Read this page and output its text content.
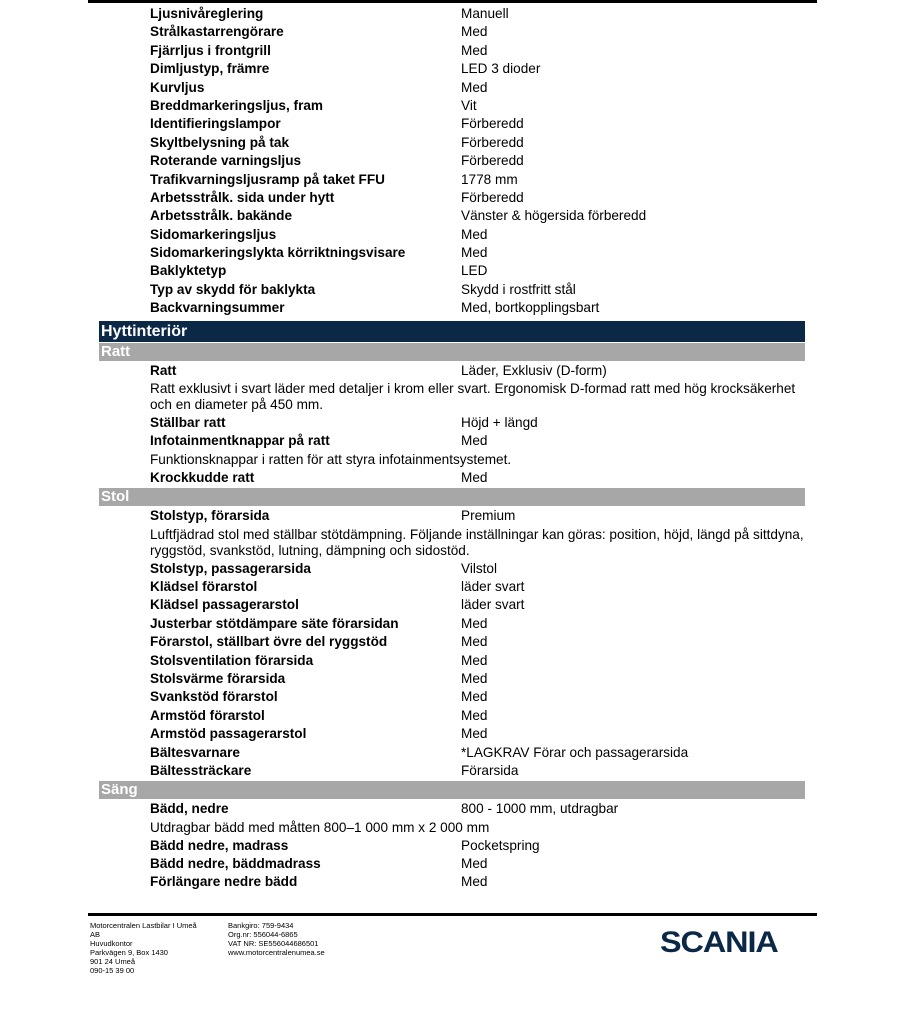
Ljusnivåreglering	Manuell
Strålkastarrengörare	Med
Fjärrljus i frontgrill	Med
Dimljustyp, främre	LED 3 dioder
Kurvljus	Med
Breddmarkeringsljus, fram	Vit
Identifieringslampor	Förberedd
Skyltbelysning på tak	Förberedd
Roterande varningsljus	Förberedd
Trafikvarningsljusramp på taket FFU	1778 mm
Arbetsstrålk. sida under hytt	Förberedd
Arbetsstrålk. bakände	Vänster & högersida förberedd
Sidomarkeringsljus	Med
Sidomarkeringslykta körriktningsvisare	Med
Baklyktetyp	LED
Typ av skydd för baklykta	Skydd i rostfritt stål
Backvarningsummer	Med, bortkopplingsbart
Hyttinteriör
Ratt
Ratt	Läder, Exklusiv (D-form)
Ratt exklusivt i svart läder med detaljer i krom eller svart. Ergonomisk D-formad ratt med hög krocksäkerhet och en diameter på 450 mm.
Ställbar ratt	Höjd + längd
Infotainmentknappar på ratt	Med
Funktionsknappar i ratten för att styra infotainmentsystemet.
Krockkudde ratt	Med
Stol
Stolstyp, förarsida	Premium
Luftfjädrad stol med ställbar stötdämpning. Följande inställningar kan göras: position, höjd, längd på sittdyna, ryggstöd, svankstöd, lutning, dämpning och sidostöd.
Stolstyp, passagerarsida	Vilstol
Klädsel förarstol	läder svart
Klädsel passagerarstol	läder svart
Justerbar stötdämpare säte förarsidan	Med
Förarstol, ställbart övre del ryggstöd	Med
Stolsventilation förarsida	Med
Stolsvärme förarsida	Med
Svankstöd förarstol	Med
Armstöd förarstol	Med
Armstöd passagerarstol	Med
Bältesvarnare	*LAGKRAV Förar och passagerarsida
Bältessträckare	Förarsida
Säng
Bädd, nedre	800 - 1000 mm, utdragbar
Utdragbar bädd med måtten 800–1 000 mm x 2 000 mm
Bädd nedre, madrass	Pocketspring
Bädd nedre, bäddmadrass	Med
Förlängare nedre bädd	Med
Motorcentralen Lastbilar I Umeå
AB
Huvudkontor
Parkvägen 9, Box 1430
901 24 Umeå
090-15 39 00
Bankgiro: 759-9434
Org.nr: 556044-6865
VAT NR: SE556044686501
www.motorcentralenumea.se	SCANIA
